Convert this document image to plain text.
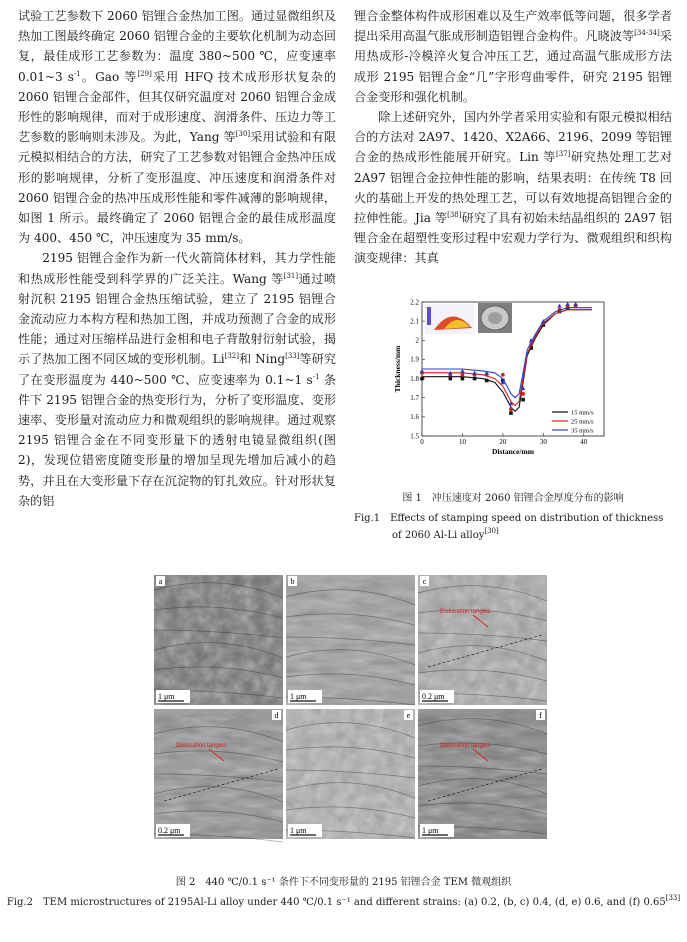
试验工艺参数下 2060 铝锂合金热加工图。通过显微组织及热加工图最终确定 2060 铝锂合金的主要软化机制为动态回复，最佳成形工艺参数为：温度 380~500 ℃，应变速率 0.01~3 $s^{-1}$。Gao 等[29]采用 HFQ 技术成形形状复杂的 2060 铝锂合金部件，但其仅研究温度对 2060 铝锂合金成形性的影响规律，而对于成形速度、润滑条件、压边力等工艺参数的影响则未涉及。为此，Yang 等[30]采用试验和有限元模拟相结合的方法，研究了工艺参数对铝锂合金热冲压成形的影响规律，分析了变形温度、冲压速度和润滑条件对 2060 铝锂合金的热冲压成形性能和零件减薄的影响规律，如图 1 所示。最终确定了 2060 铝锂合金的最佳成形温度为 400、450 ℃，冲压速度为 35 mm/s。

2195 铝锂合金作为新一代火箭筒体材料，其力学性能和热成形性能受到科学界的广泛关注。Wang 等[31]通过喷射沉积 2195 铝锂合金热压缩试验，建立了 2195 铝锂合金流动应力本构方程和热加工图，并成功预测了合金的成形性能；通过对压缩样品进行金相和电子背散射衍射试验，揭示了热加工图不同区域的变形机制。Li[32]和 Ning[33]等研究了在变形温度为 440~500 ℃、应变速率为 0.1~1 $s^{-1}$ 条件下 2195 铝锂合金的热变形行为，分析了变形温度、变形速率、变形量对流动应力和微观组织的影响规律。通过观察 2195 铝锂合金在不同变形量下的透射电镜显微组织(图 2)，发现位错密度随变形量的增加呈现先增加后减小的趋势，并且在大变形量下存在沉淀物的钉扎效应。针对形状复杂的铝

锂合金整体构件成形困难以及生产效率低等问题，很多学者提出采用高温气胀成形制造铝锂合金构件。凡晓波等[34-34]采用热成形-冷模淬火复合冲压工艺，通过高温气胀成形方法成形 2195 铝锂合金“几”字形弯曲零件，研究 2195 铝锂合金变形和强化机制。

除上述研究外，国内外学者采用实验和有限元模拟相结合的方法对 2A97、1420、X2A66、2196、2099 等铝锂合金的热成形性能展开研究。Lin 等[37]研究热处理工艺对 2A97 铝锂合金拉伸性能的影响，结果表明：在传统 T8 回火的基础上开发的热处理工艺，可以有效地提高铝锂合金的拉伸性能。Jia 等[38]研究了具有初始未结晶组织的 2A97 铝锂合金在超塑性变形过程中宏观力学行为、微观组织和织构演变规律：其真

0	10	20	30	40
1.5
1.6
1.7
1.8
1.9
2
2.1
2.2
Distance/mm
Thickness/mm
15 mm/s
25 mm/s
35 mm/s
图 1　冲压速度对 2060 铝锂合金厚度分布的影响
Fig.1　 Effects of stamping speed on distribution of thickness of 2060 Al-Li alloy[30]
a
1 μm
b
1 μm
Dislocation tangles
c
0.2 μm
Dislocation tangles
d
0.2 μm
e
1 μm
Dislocation tangles
f
1 μm
图 2　440 ℃/0.1 s⁻¹ 条件下不同变形量的 2195 铝锂合金 TEM 微观组织
Fig.2　TEM microstructures of 2195Al-Li alloy under 440 ℃/0.1 s⁻¹ and different strains: (a) 0.2, (b, c) 0.4, (d, e) 0.6, and (f) 0.65[33]
